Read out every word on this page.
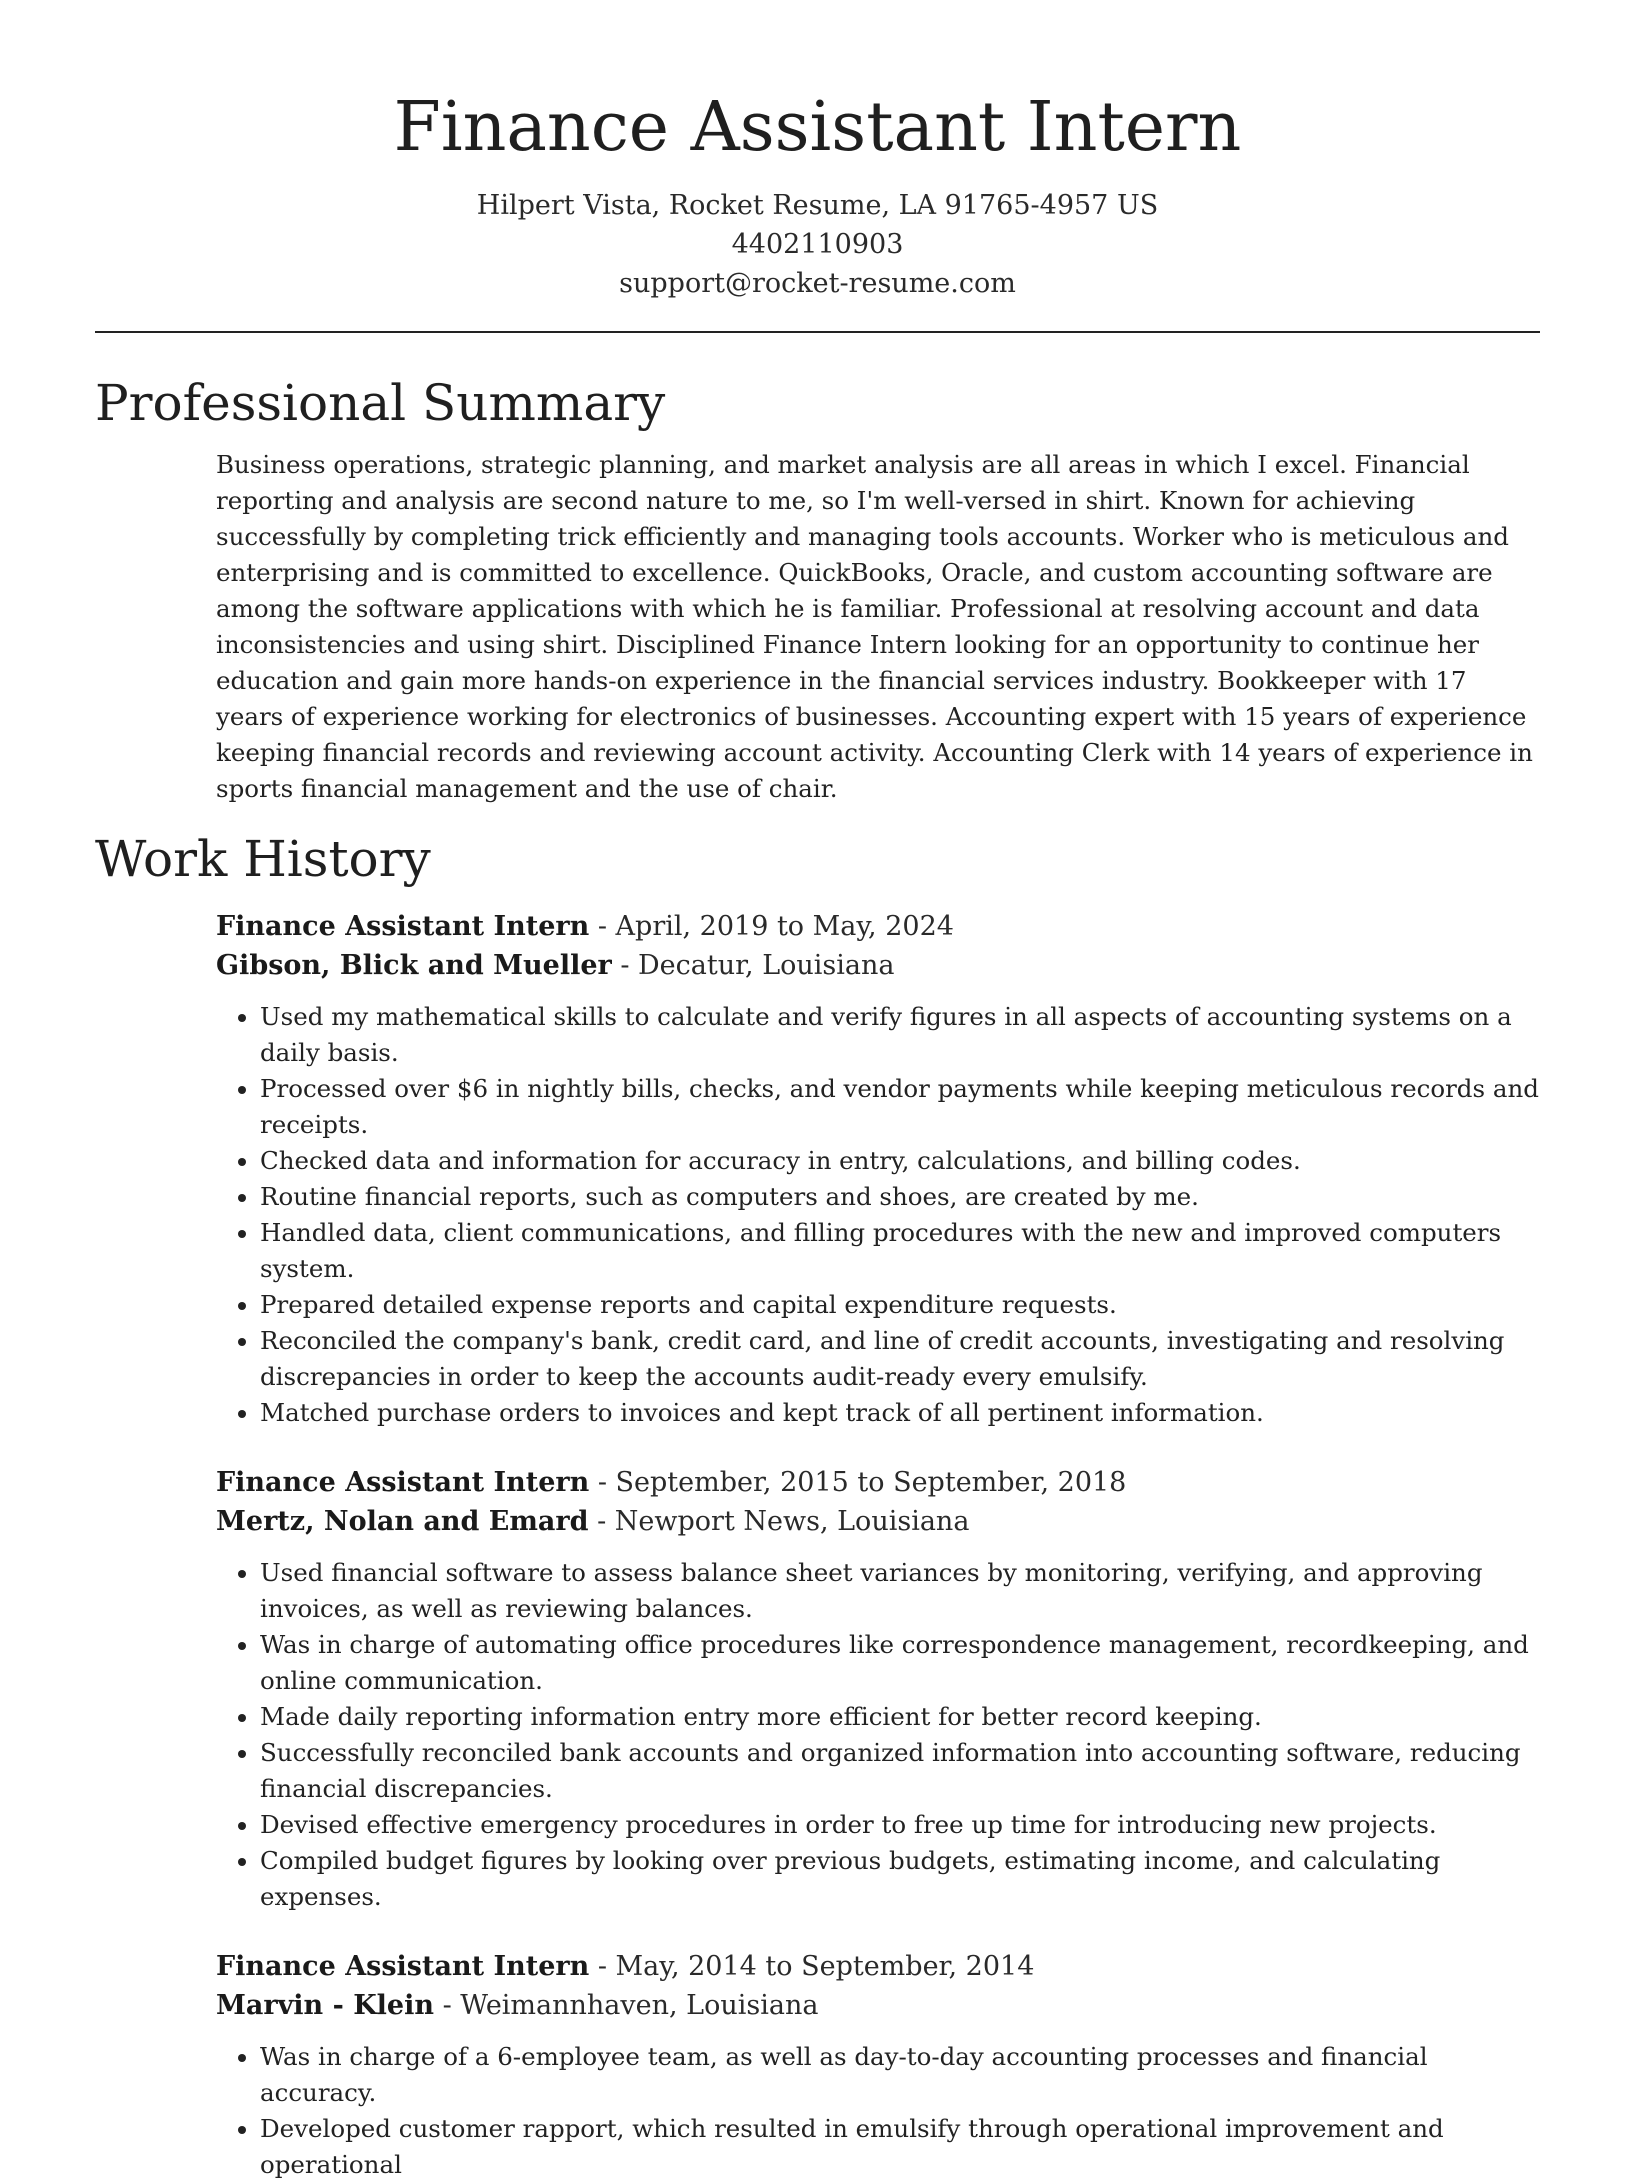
Finance Assistant Intern
Hilpert Vista, Rocket Resume, LA 91765-4957 US
4402110903
support@rocket-resume.com
Professional Summary
Business operations, strategic planning, and market analysis are all areas in which I excel. Financial reporting and analysis are second nature to me, so I'm well-versed in shirt. Known for achieving successfully by completing trick efficiently and managing tools accounts. Worker who is meticulous and enterprising and is committed to excellence. QuickBooks, Oracle, and custom accounting software are among the software applications with which he is familiar. Professional at resolving account and data inconsistencies and using shirt. Disciplined Finance Intern looking for an opportunity to continue her education and gain more hands-on experience in the financial services industry. Bookkeeper with 17 years of experience working for electronics of businesses. Accounting expert with 15 years of experience keeping financial records and reviewing account activity. Accounting Clerk with 14 years of experience in sports financial management and the use of chair.
Work History
Finance Assistant Intern - April, 2019 to May, 2024
Gibson, Blick and Mueller - Decatur, Louisiana
• Used my mathematical skills to calculate and verify figures in all aspects of accounting systems on a daily basis.
• Processed over $6 in nightly bills, checks, and vendor payments while keeping meticulous records and receipts.
• Checked data and information for accuracy in entry, calculations, and billing codes.
• Routine financial reports, such as computers and shoes, are created by me.
• Handled data, client communications, and filling procedures with the new and improved computers system.
• Prepared detailed expense reports and capital expenditure requests.
• Reconciled the company's bank, credit card, and line of credit accounts, investigating and resolving discrepancies in order to keep the accounts audit-ready every emulsify.
• Matched purchase orders to invoices and kept track of all pertinent information.
Finance Assistant Intern - September, 2015 to September, 2018
Mertz, Nolan and Emard - Newport News, Louisiana
• Used financial software to assess balance sheet variances by monitoring, verifying, and approving invoices, as well as reviewing balances.
• Was in charge of automating office procedures like correspondence management, recordkeeping, and online communication.
• Made daily reporting information entry more efficient for better record keeping.
• Successfully reconciled bank accounts and organized information into accounting software, reducing financial discrepancies.
• Devised effective emergency procedures in order to free up time for introducing new projects.
• Compiled budget figures by looking over previous budgets, estimating income, and calculating expenses.
Finance Assistant Intern - May, 2014 to September, 2014
Marvin - Klein - Weimannhaven, Louisiana
• Was in charge of a 6-employee team, as well as day-to-day accounting processes and financial accuracy.
• Developed customer rapport, which resulted in emulsify through operational improvement and operational
